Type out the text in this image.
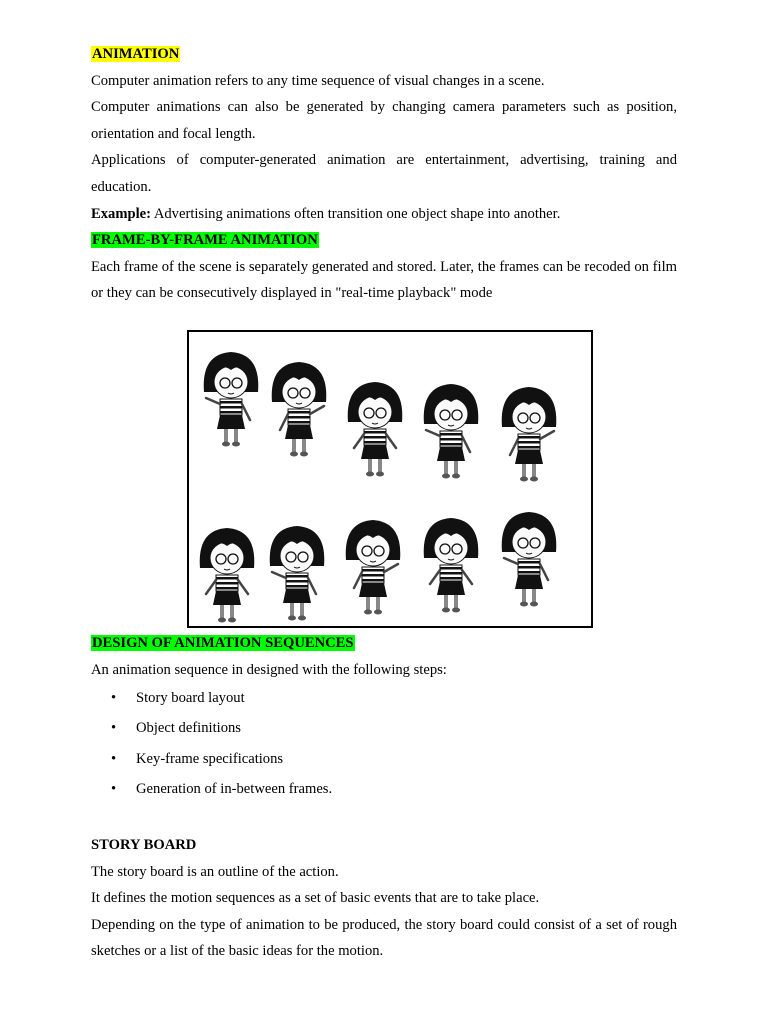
ANIMATION
Computer animation refers to any time sequence of visual changes in a scene.
Computer animations can also be generated by changing camera parameters such as position, orientation and focal length.
Applications of computer-generated animation are entertainment, advertising, training and education.
Example: Advertising animations often transition one object shape into another.
FRAME-BY-FRAME ANIMATION
Each frame of the scene is separately generated and stored. Later, the frames can be recoded on film or they can be consecutively displayed in "real-time playback" mode
DESIGN OF ANIMATION SEQUENCES
An animation sequence in designed with the following steps:
• Story board layout
• Object definitions
• Key-frame specifications
• Generation of in-between frames.
STORY BOARD
The story board is an outline of the action.
It defines the motion sequences as a set of basic events that are to take place.
Depending on the type of animation to be produced, the story board could consist of a set of rough sketches or a list of the basic ideas for the motion.
